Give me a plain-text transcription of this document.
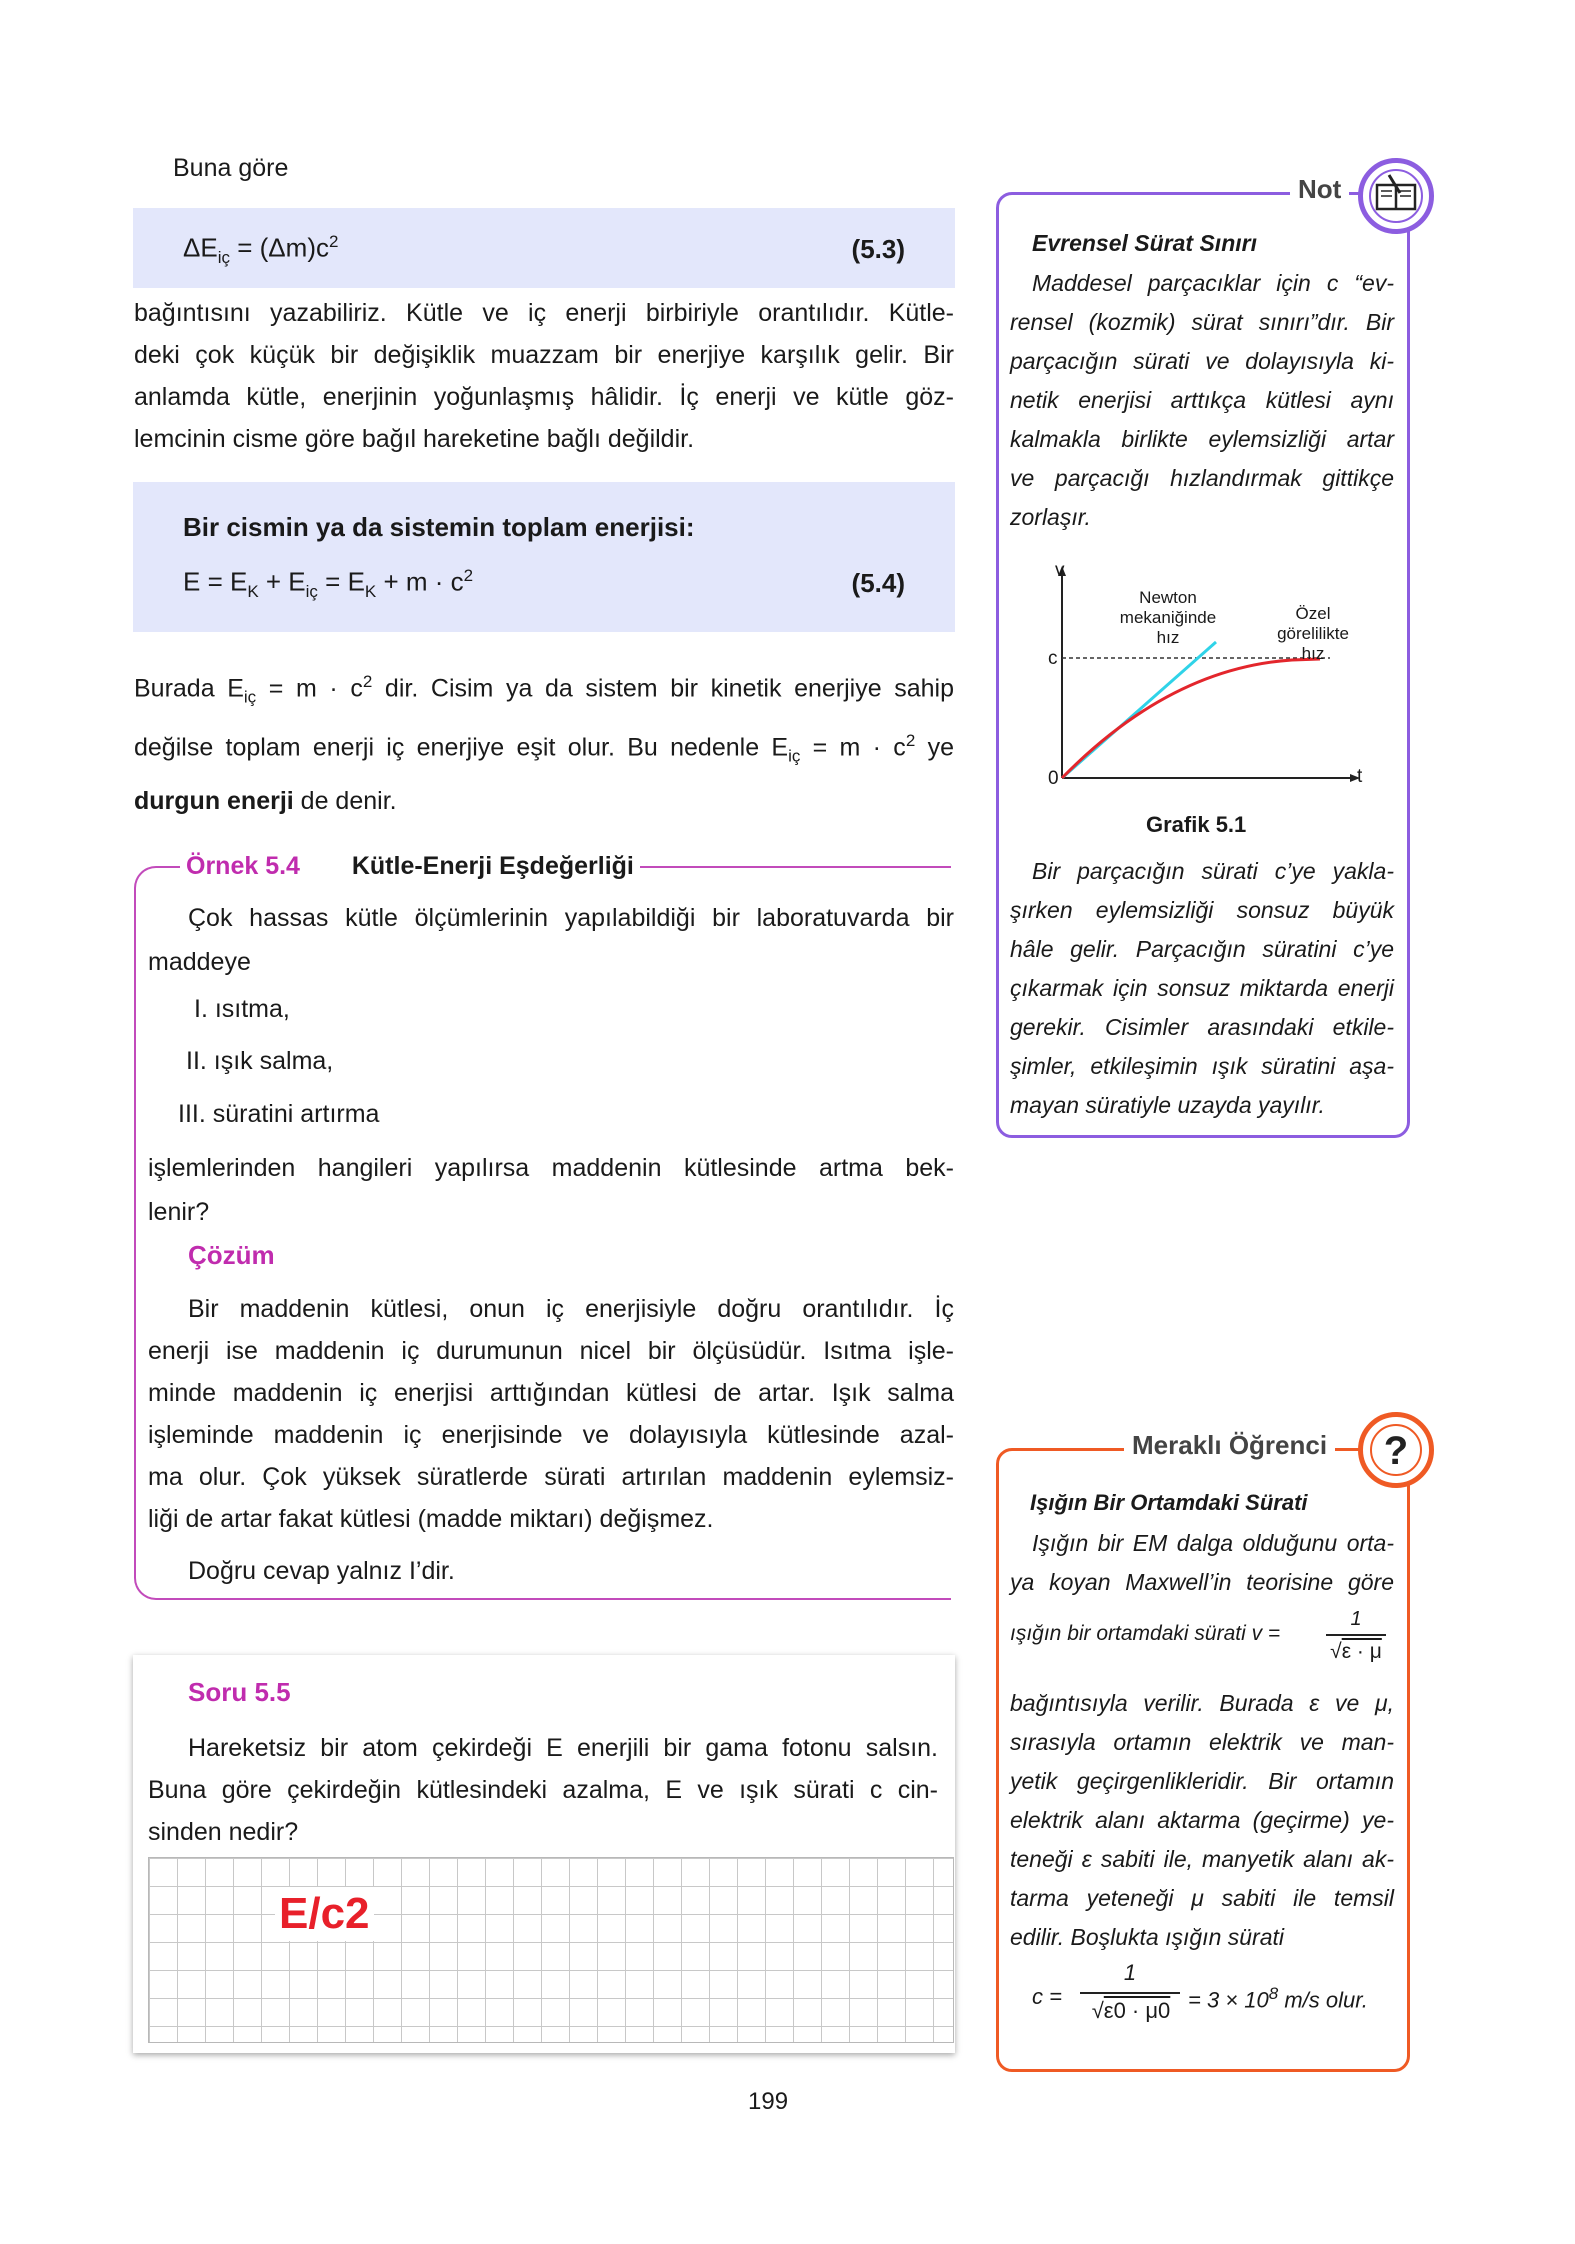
Buna göre
$\Delta E_{iç} = (\Delta m)c^2$	(5.3)
bağıntısını yazabiliriz. Kütle ve iç enerji birbiriyle orantılıdır. Kütle-
deki çok küçük bir değişiklik muazzam bir enerjiye karşılık gelir. Bir
anlamda kütle, enerjinin yoğunlaşmış hâlidir. İç enerji ve kütle göz-
lemcinin cisme göre bağıl hareketine bağlı değildir.
Bir cismin ya da sistemin toplam enerjisi:
$E = E_K + E_{iç} = E_K + m \cdot c^2$	(5.4)
Burada $E_{iç} = m \cdot c^2$ dir. Cisim ya da sistem bir kinetik enerjiye sahip
değilse toplam enerji iç enerjiye eşit olur. Bu nedenle $E_{iç} = m \cdot c^2$ ye
durgun enerji de denir.
Örnek 5.4 Kütle-Enerji Eşdeğerliği
Çok hassas kütle ölçümlerinin yapılabildiği bir laboratuvarda bir
maddeye
I. ısıtma,
II. ışık salma,
III. süratini artırma
işlemlerinden hangileri yapılırsa maddenin kütlesinde artma bek-
lenir?
Çözüm
Bir maddenin kütlesi, onun iç enerjisiyle doğru orantılıdır. İç
enerji ise maddenin iç durumunun nicel bir ölçüsüdür. Isıtma işle-
minde maddenin iç enerjisi arttığından kütlesi de artar. Işık salma
işleminde maddenin iç enerjisinde ve dolayısıyla kütlesinde azal-
ma olur. Çok yüksek süratlerde sürati artırılan maddenin eylemsiz-
liği de artar fakat kütlesi (madde miktarı) değişmez.
Doğru cevap yalnız I’dir.
Soru 5.5
Hareketsiz bir atom çekirdeği E enerjili bir gama fotonu salsın.
Buna göre çekirdeğin kütlesindeki azalma, E ve ışık sürati c cin-
sinden nedir?
E/c2
199
Not
Evrensel Sürat Sınırı
Maddesel parçacıklar için c “ev-
rensel (kozmik) sürat sınırı”dır. Bir
parçacığın sürati ve dolayısıyla ki-
netik enerjisi arttıkça kütlesi aynı
kalmakla birlikte eylemsizliği artar
ve parçacığı hızlandırmak gittikçe
zorlaşır.
v
t
0
c
Newton
mekaniğinde
hız
Özel
görelilikte
hız
Grafik 5.1
Bir parçacığın sürati c’ye yakla-
şırken eylemsizliği sonsuz büyük
hâle gelir. Parçacığın süratini c’ye
çıkarmak için sonsuz miktarda enerji
gerekir. Cisimler arasındaki etkile-
şimler, etkileşimin ışık süratini aşa-
mayan süratiyle uzayda yayılır.
Meraklı Öğrenci ?
Işığın Bir Ortamdaki Sürati
Işığın bir EM dalga olduğunu orta-
ya koyan Maxwell’in teorisine göre
ışığın bir ortamdaki sürati v =
1
√ε · μ
bağıntısıyla verilir. Burada ε ve μ,
sırasıyla ortamın elektrik ve man-
yetik geçirgenlikleridir. Bir ortamın
elektrik alanı aktarma (geçirme) ye-
teneği ε sabiti ile, manyetik alanı ak-
tarma yeteneği μ sabiti ile temsil
edilir. Boşlukta ışığın sürati
c =
1
$√\varepsilon 0 \cdot \mu 0 = 3 \times 10^8$ m/s olur.
